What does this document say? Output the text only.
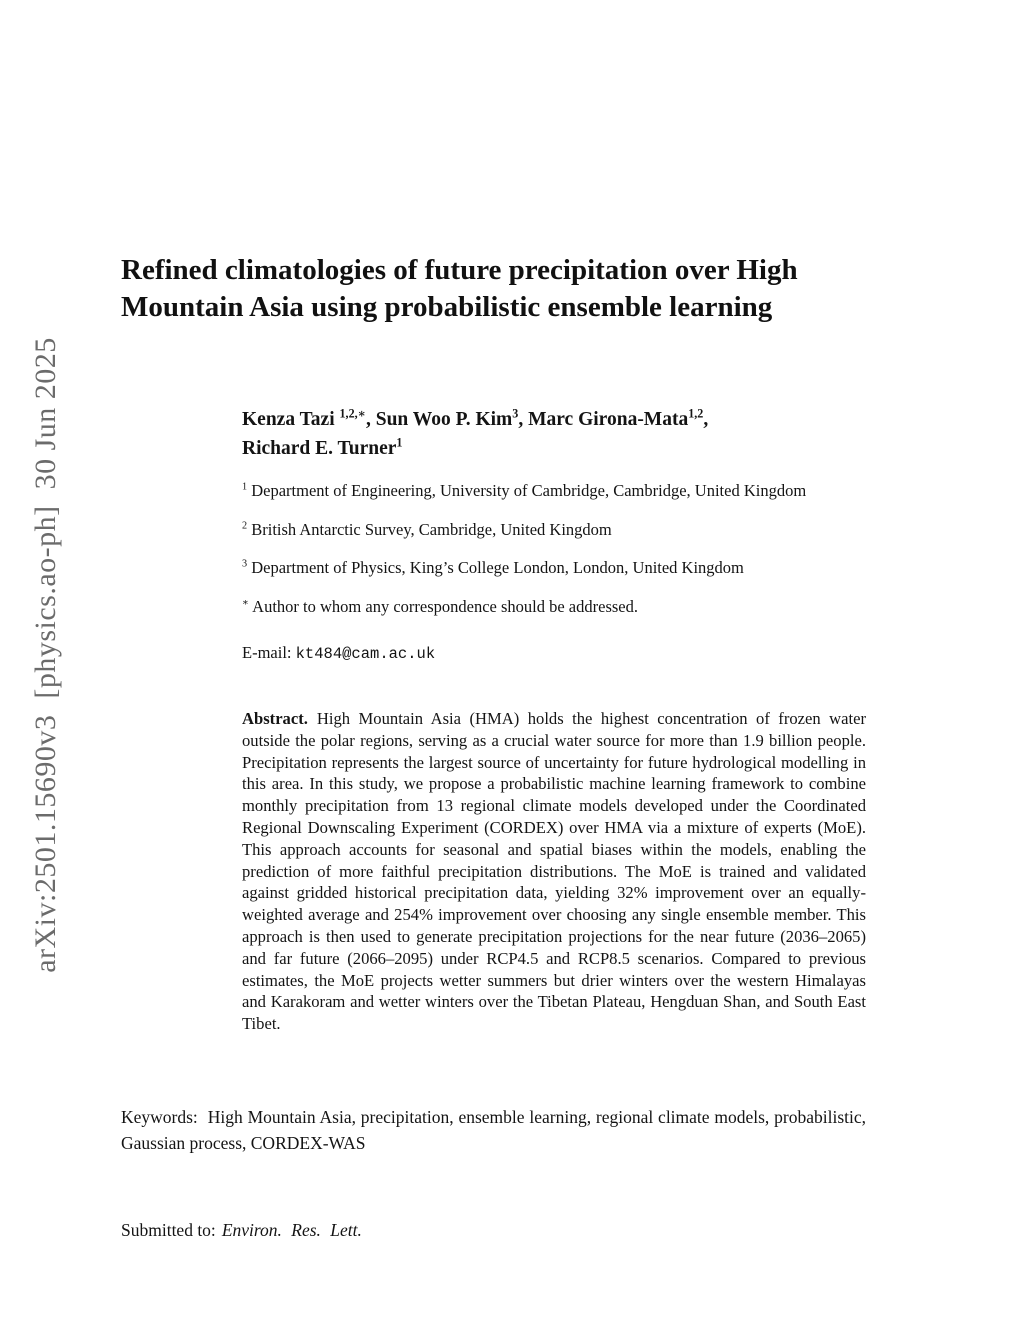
arXiv:2501.15690v3  [physics.ao-ph]  30 Jun 2025
Refined climatologies of future precipitation over High Mountain Asia using probabilistic ensemble learning
Kenza Tazi $^{1,2,∗}$, Sun Woo P. Kim$^3$, Marc Girona-Mata$^{1,2}$,
Richard E. Turner$^1$

$^1$ Department of Engineering, University of Cambridge, Cambridge, United Kingdom

$^2$ British Antarctic Survey, Cambridge, United Kingdom

$^3$ Department of Physics, King’s College London, London, United Kingdom

∗ Author to whom any correspondence should be addressed.

E-mail: kt484@cam.ac.uk

Abstract. High Mountain Asia (HMA) holds the highest concentration of frozen water outside the polar regions, serving as a crucial water source for more than 1.9 billion people. Precipitation represents the largest source of uncertainty for future hydrological modelling in this area. In this study, we propose a probabilistic machine learning framework to combine monthly precipitation from 13 regional climate models developed under the Coordinated Regional Downscaling Experiment (CORDEX) over HMA via a mixture of experts (MoE). This approach accounts for seasonal and spatial biases within the models, enabling the prediction of more faithful precipitation distributions. The MoE is trained and validated against gridded historical precipitation data, yielding 32% improvement over an equally-weighted average and 254% improvement over choosing any single ensemble member. This approach is then used to generate precipitation projections for the near future (2036–2065) and far future (2066–2095) under RCP4.5 and RCP8.5 scenarios. Compared to previous estimates, the MoE projects wetter summers but drier winters over the western Himalayas and Karakoram and wetter winters over the Tibetan Plateau, Hengduan Shan, and South East Tibet.

Keywords: High Mountain Asia, precipitation, ensemble learning, regional climate models, probabilistic, Gaussian process, CORDEX-WAS

Submitted to: Environ. Res. Lett.
